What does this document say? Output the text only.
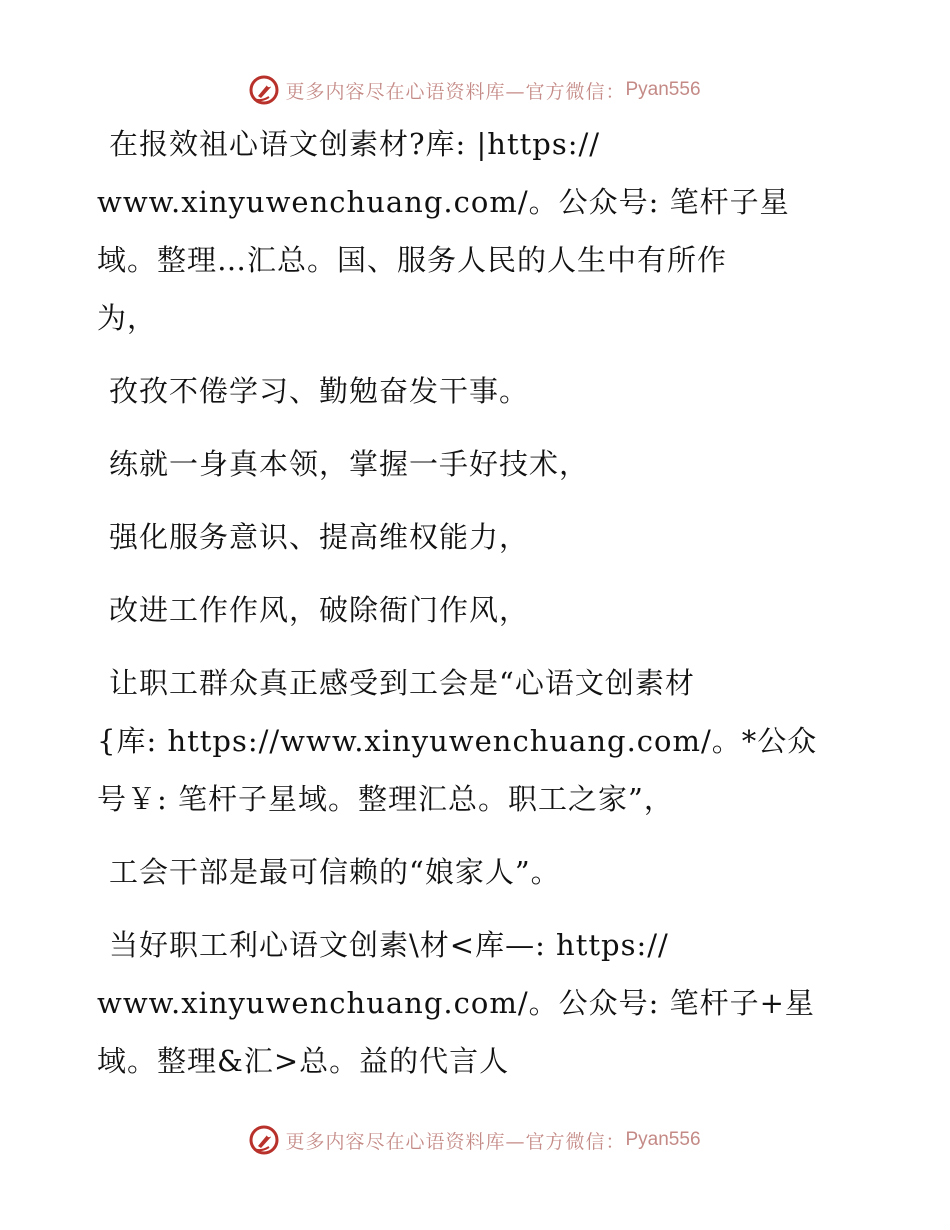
更多内容尽在心语资料库—官方微信： Pyan556
在报效祖心语文创素材?库: |https://
www.xinyuwenchuang.com/。公众号: 笔杆子星
域。整理…汇总。国、服务人民的人生中有所作
为，
孜孜不倦学习、勤勉奋发干事。
练就一身真本领，掌握一手好技术，
强化服务意识、提高维权能力，
改进工作作风，破除衙门作风，
让职工群众真正感受到工会是“心语文创素材
{库: https://www.xinyuwenchuang.com/。*公众
号￥: 笔杆子星域。整理汇总。职工之家”，
工会干部是最可信赖的“娘家人”。
当好职工利心语文创素\材<库—: https://
www.xinyuwenchuang.com/。公众号: 笔杆子+星
域。整理&汇>总。益的代言人
更多内容尽在心语资料库—官方微信： Pyan556
